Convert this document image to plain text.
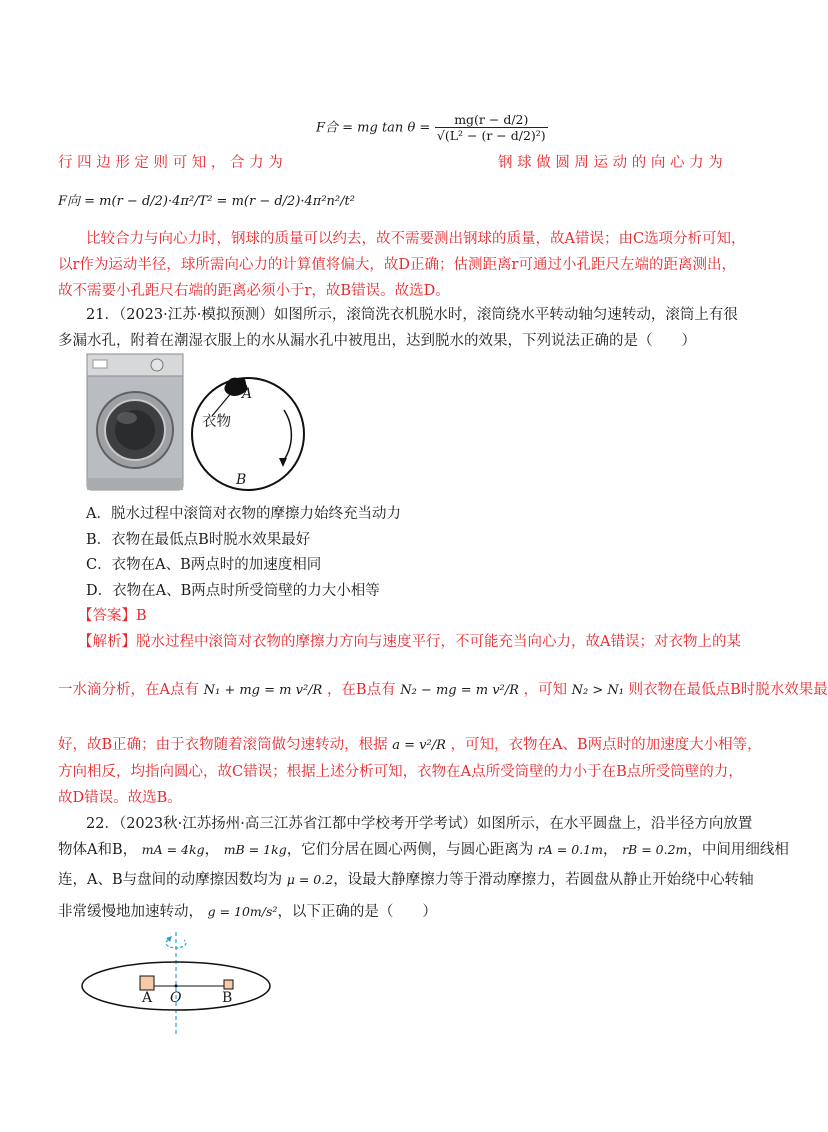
F合 = mg $\tan \theta = \frac{mg(r - d/2)}{\text{√(L² − (r − d/2)²)}}$
行 四 边 形 定 则 可 知 ， 合 力 为	钢 球 做 圆 周 运 动 的 向 心 力 为
F向 = m(r − d/2)·4π²/T² = m(r − d/2)·4π²n²/t²
比较合力与向心力时，钢球的质量可以约去，故不需要测出钢球的质量，故A错误；由C选项分析可知，以r作为运动半径，球所需向心力的计算值将偏大，故D正确；估测距离r可通过小孔距尺左端的距离测出，故不需要小孔距尺右端的距离必须小于r，故B错误。故选D。
21．（2023·江苏·模拟预测）如图所示，滚筒洗衣机脱水时，滚筒绕水平转动轴匀速转动，滚筒上有很多漏水孔，附着在潮湿衣服上的水从漏水孔中被甩出，达到脱水的效果，下列说法正确的是（　　）
衣物
A
B
A．脱水过程中滚筒对衣物的摩擦力始终充当动力
B．衣物在最低点B时脱水效果最好
C．衣物在A、B两点时的加速度相同
D．衣物在A、B两点时所受筒壁的力大小相等
【答案】B
【解析】脱水过程中滚筒对衣物的摩擦力方向与速度平行，不可能充当向心力，故A错误；对衣物上的某
一水滴分析，在A点有 N₁ + mg = m v²/R ，在B点有 N₂ − mg = m v²/R ，可知 N₂ > N₁ 则衣物在最低点B时脱水效果最
好，故B正确；由于衣物随着滚筒做匀速转动，根据 a = v²/R ，可知，衣物在A、B两点时的加速度大小相等，
方向相反，均指向圆心，故C错误；根据上述分析可知，衣物在A点所受筒壁的力小于在B点所受筒壁的力，
故D错误。故选B。
22．（2023秋·江苏扬州·高三江苏省江都中学校考开学考试）如图所示，在水平圆盘上，沿半径方向放置
物体A和B， mA = 4kg， mB = 1kg，它们分居在圆心两侧，与圆心距离为 rA = 0.1m， rB = 0.2m，中间用细线相
连，A、B与盘间的动摩擦因数均为 μ = 0.2，设最大静摩擦力等于滑动摩擦力，若圆盘从静止开始绕中心转轴
非常缓慢地加速转动， g = 10m/s²，以下正确的是（　　）
A O	B
